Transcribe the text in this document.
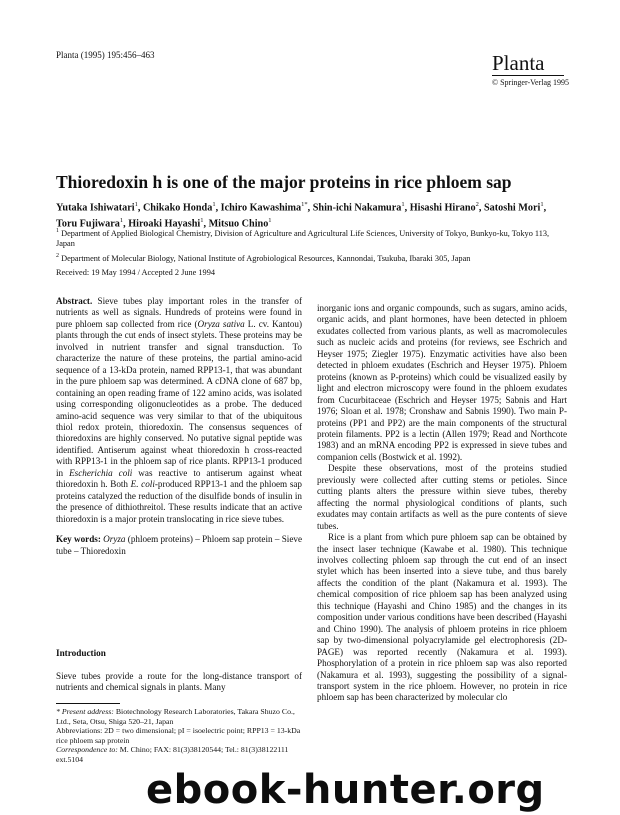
Planta (1995) 195:456–463	Planta
© Springer-Verlag 1995
Thioredoxin h is one of the major proteins in rice phloem sap
Yutaka Ishiwatari$^1$, Chikako Honda$^1$, Ichiro Kawashima$^{1*}$, Shin-ichi Nakamura$^1$, Hisashi Hirano$^2$, Satoshi Mori$^1$,
Toru Fujiwara$^1$, Hiroaki Hayashi$^1$, Mitsuo Chino$^1$

$^1$ Department of Applied Biological Chemistry, Division of Agriculture and Agricultural Life Sciences, University of Tokyo, Bunkyo-ku, Tokyo 113, Japan

$^2$ Department of Molecular Biology, National Institute of Agrobiological Resources, Kannondai, Tsukuba, Ibaraki 305, Japan

Received: 19 May 1994 / Accepted 2 June 1994

Abstract. Sieve tubes play important roles in the transfer of nutrients as well as signals. Hundreds of proteins were found in pure phloem sap collected from rice (Oryza sativa L. cv. Kantou) plants through the cut ends of insect stylets. These proteins may be involved in nutrient transfer and signal transduction. To characterize the nature of these proteins, the partial amino-acid sequence of a 13-kDa protein, named RPP13-1, that was abundant in the pure phloem sap was determined. A cDNA clone of 687 bp, containing an open reading frame of 122 amino acids, was isolated using corresponding oligonucleotides as a probe. The deduced amino-acid sequence was very similar to that of the ubiquitous thiol redox protein, thioredoxin. The consensus sequences of thioredoxins are highly conserved. No putative signal peptide was identified. Antiserum against wheat thioredoxin h cross-reacted with RPP13-1 in the phloem sap of rice plants. RPP13-1 produced in Escherichia coli was reactive to antiserum against wheat thioredoxin h. Both E. coli-produced RPP13-1 and the phloem sap proteins catalyzed the reduction of the disulfide bonds of insulin in the presence of dithiothreitol. These results indicate that an active thioredoxin is a major protein translocating in rice sieve tubes.

Key words: Oryza (phloem proteins) – Phloem sap protein – Sieve tube – Thioredoxin

Introduction
Sieve tubes provide a route for the long-distance transport of nutrients and chemical signals in plants. Many

* Present address: Biotechnology Research Laboratories, Takara Shuzo Co., Ltd., Seta, Otsu, Shiga 520–21, Japan

Abbreviations: 2D = two dimensional; pI = isoelectric point; RPP13 = 13-kDa rice phloem sap protein

Correspondence to: M. Chino; FAX: 81(3)38120544; Tel.: 81(3)38122111 ext.5104

inorganic ions and organic compounds, such as sugars, amino acids, organic acids, and plant hormones, have been detected in phloem exudates collected from various plants, as well as macromolecules such as nucleic acids and proteins (for reviews, see Eschrich and Heyser 1975; Ziegler 1975). Enzymatic activities have also been detected in phloem exudates (Eschrich and Heyser 1975). Phloem proteins (known as P-proteins) which could be visualized easily by light and electron microscopy were found in the phloem exudates from Cucurbitaceae (Eschrich and Heyser 1975; Sabnis and Hart 1976; Sloan et al. 1978; Cronshaw and Sabnis 1990). Two main P-proteins (PP1 and PP2) are the main components of the structural protein filaments. PP2 is a lectin (Allen 1979; Read and Northcote 1983) and an mRNA encoding PP2 is expressed in sieve tubes and companion cells (Bostwick et al. 1992).

Despite these observations, most of the proteins studied previously were collected after cutting stems or petioles. Since cutting plants alters the pressure within sieve tubes, thereby affecting the normal physiological conditions of plants, such exudates may contain artifacts as well as the pure contents of sieve tubes.

Rice is a plant from which pure phloem sap can be obtained by the insect laser technique (Kawabe et al. 1980). This technique involves collecting phloem sap through the cut end of an insect stylet which has been inserted into a sieve tube, and thus barely affects the condition of the plant (Nakamura et al. 1993). The chemical composition of rice phloem sap has been analyzed using this technique (Hayashi and Chino 1985) and the changes in its composition under various conditions have been described (Hayashi and Chino 1990). The analysis of phloem proteins in rice phloem sap by two-dimensional polyacrylamide gel electrophoresis (2D-PAGE) was reported recently (Nakamura et al. 1993). Phosphorylation of a protein in rice phloem sap was also reported (Nakamura et al. 1993), suggesting the possibility of a signal-transport system in the rice phloem. However, no protein in rice phloem sap has been characterized by molecular clo

ebook-hunter.org
